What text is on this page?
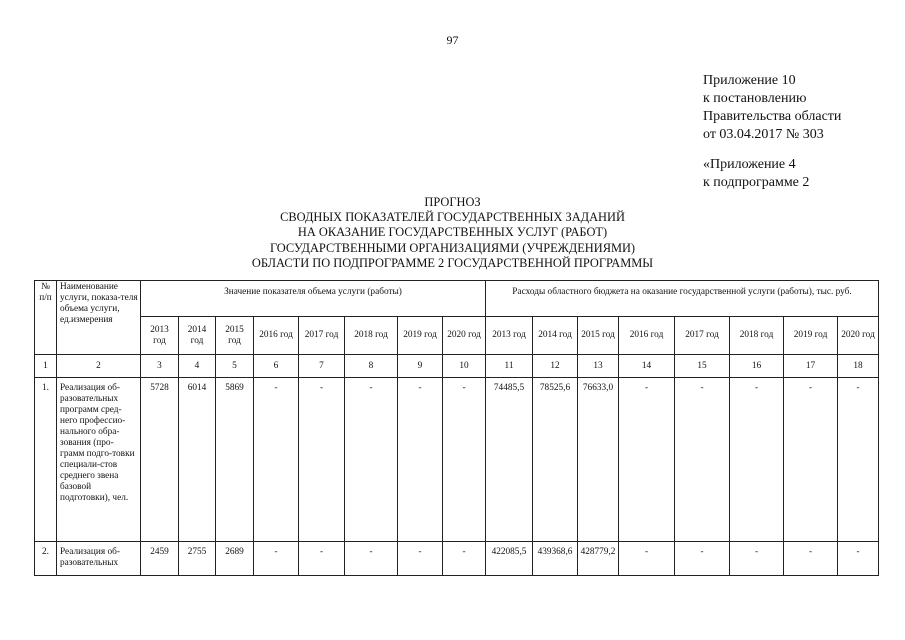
97
Приложение 10
к постановлению
Правительства области
от 03.04.2017 № 303
«Приложение 4
к подпрограмме 2
ПРОГНОЗ
СВОДНЫХ ПОКАЗАТЕЛЕЙ ГОСУДАРСТВЕННЫХ ЗАДАНИЙ
НА ОКАЗАНИЕ ГОСУДАРСТВЕННЫХ УСЛУГ (РАБОТ)
ГОСУДАРСТВЕННЫМИ ОРГАНИЗАЦИЯМИ (УЧРЕЖДЕНИЯМИ)
ОБЛАСТИ ПО ПОДПРОГРАММЕ 2 ГОСУДАРСТВЕННОЙ ПРОГРАММЫ
№ п/п	Наименование услуги, показа-теля объема услуги, ед.измерения	Значение показателя объема услуги (работы)								Расходы областного бюджета на оказание государственной услуги (работы), тыс. руб.							
		2013 год	2014 год	2015 год	2016 год	2017 год	2018 год	2019 год	2020 год	2013 год	2014 год	2015 год	2016 год	2017 год	2018 год	2019 год	2020 год
1	2	3	4	5	6	7	8	9	10	11	12	13	14	15	16	17	18
1.	Реализация об-разовательных программ сред-него профессио-нального обра-зования (про-грамм подго-товки специали-стов среднего звена базовой подготовки), чел.	5728	6014	5869	-	-	-	-	-	74485,5	78525,6	76633,0	-	-	-	-	-
2.	Реализация об-разовательных	2459	2755	2689	-	-	-	-	-	422085,5	439368,6	428779,2	-	-	-	-	-
